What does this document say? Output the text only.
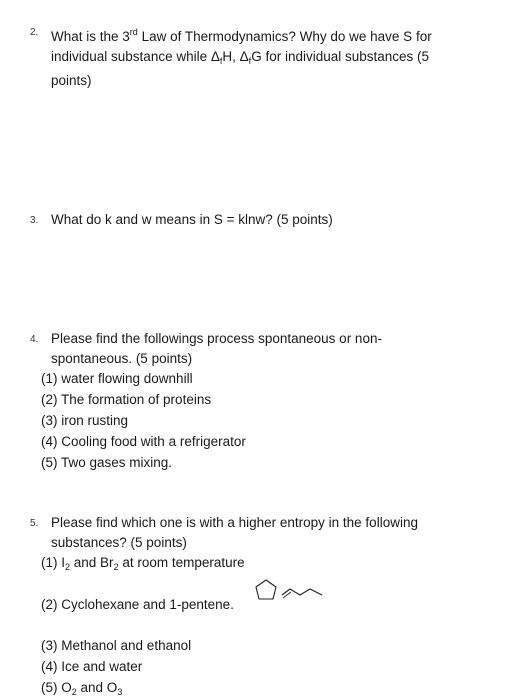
2. What is the 3rd Law of Thermodynamics? Why do we have S for
individual substance while $\Delta_fH$, $\Delta_fG$ for individual substances (5
points)
3. What do k and w means in S = klnw? (5 points)
4. Please find the followings process spontaneous or non-
spontaneous. (5 points)
(1) water flowing downhill
(2) The formation of proteins
(3) iron rusting
(4) Cooling food with a refrigerator
(5) Two gases mixing.
5. Please find which one is with a higher entropy in the following
substances? (5 points)
(1) $I_2$ and $Br_2$ at room temperature
(2) Cyclohexane and 1-pentene.
(3) Methanol and ethanol
(4) Ice and water
(5) $O_2$ and $O_3$
